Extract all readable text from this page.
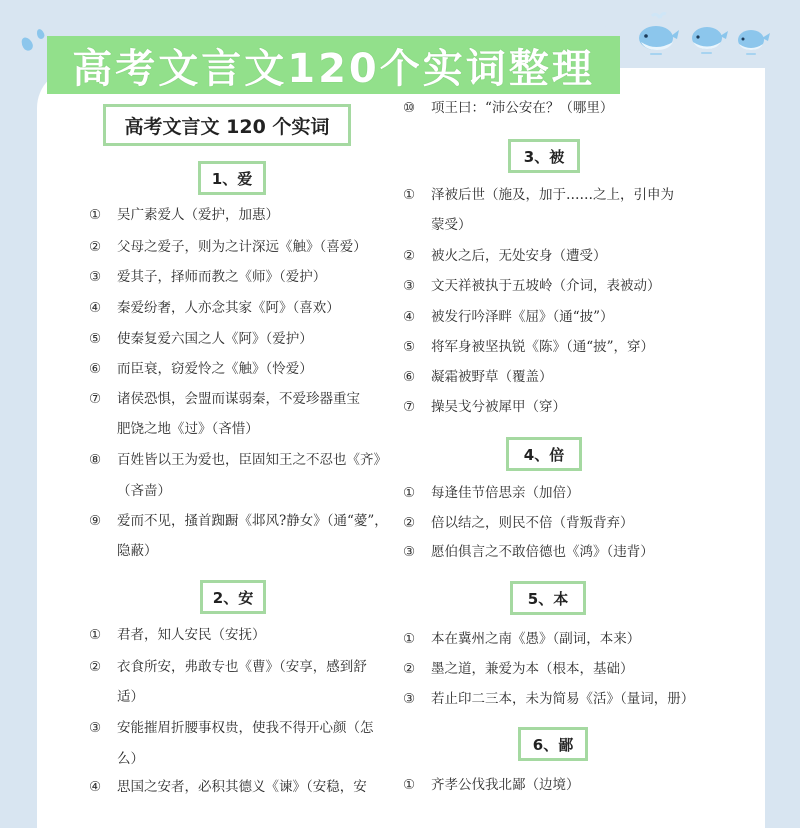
高考文言文120个实词整理
高考文言文 120 个实词
1、爱
① 吴广素爱人（爱护，加惠）
② 父母之爱子，则为之计深远《触》（喜爱）
③ 爱其子，择师而教之《师》（爱护）
④ 秦爱纷奢，人亦念其家《阿》（喜欢）
⑤ 使秦复爱六国之人《阿》（爱护）
⑥ 而臣衰，窃爱怜之《触》（怜爱）
⑦ 诸侯恐惧，会盟而谋弱秦，不爱珍器重宝
肥饶之地《过》（吝惜）
⑧ 百姓皆以王为爱也，臣固知王之不忍也《齐》
（吝啬）
⑨ 爱而不见，搔首踟蹰《邶风?静女》（通“薆”，
隐蔽）
2、安
① 君者，知人安民（安抚）
② 衣食所安，弗敢专也《曹》（安享，感到舒
适）
③ 安能摧眉折腰事权贵，使我不得开心颜（怎
么）
④ 思国之安者，必积其德义《谏》（安稳，安
⑩ 项王曰：“沛公安在？（哪里）
3、被
① 泽被后世（施及，加于……之上，引申为
蒙受）
② 被火之后，无处安身（遭受）
③ 文天祥被执于五坡岭（介词，表被动）
④ 被发行吟泽畔《屈》（通“披”）
⑤ 将军身被坚执锐《陈》（通“披”，穿）
⑥ 凝霜被野草（覆盖）
⑦ 操吴戈兮被犀甲（穿）
4、倍
① 每逢佳节倍思亲（加倍）
② 倍以结之，则民不倍（背叛背弃）
③ 愿伯俱言之不敢倍德也《鸿》（违背）
5、本
① 本在冀州之南《愚》（副词，本来）
② 墨之道，兼爱为本（根本，基础）
③ 若止印二三本，未为简易《活》（量词，册）
6、鄙
① 齐孝公伐我北鄙（边境）
